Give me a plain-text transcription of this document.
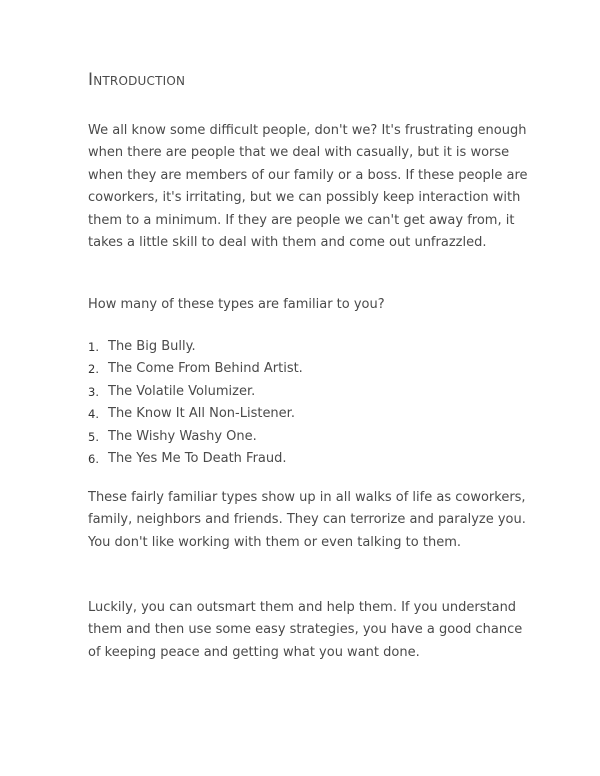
Introduction

We all know some difficult people, don't we? It's frustrating enough when there are people that we deal with casually, but it is worse when they are members of our family or a boss. If these people are coworkers, it's irritating, but we can possibly keep interaction with them to a minimum. If they are people we can't get away from, it takes a little skill to deal with them and come out unfrazzled.

How many of these types are familiar to you?

1. The Big Bully.
2. The Come From Behind Artist.
3. The Volatile Volumizer.
4. The Know It All Non-Listener.
5. The Wishy Washy One.
6. The Yes Me To Death Fraud.

These fairly familiar types show up in all walks of life as coworkers, family, neighbors and friends. They can terrorize and paralyze you. You don't like working with them or even talking to them.

Luckily, you can outsmart them and help them. If you understand them and then use some easy strategies, you have a good chance of keeping peace and getting what you want done.
